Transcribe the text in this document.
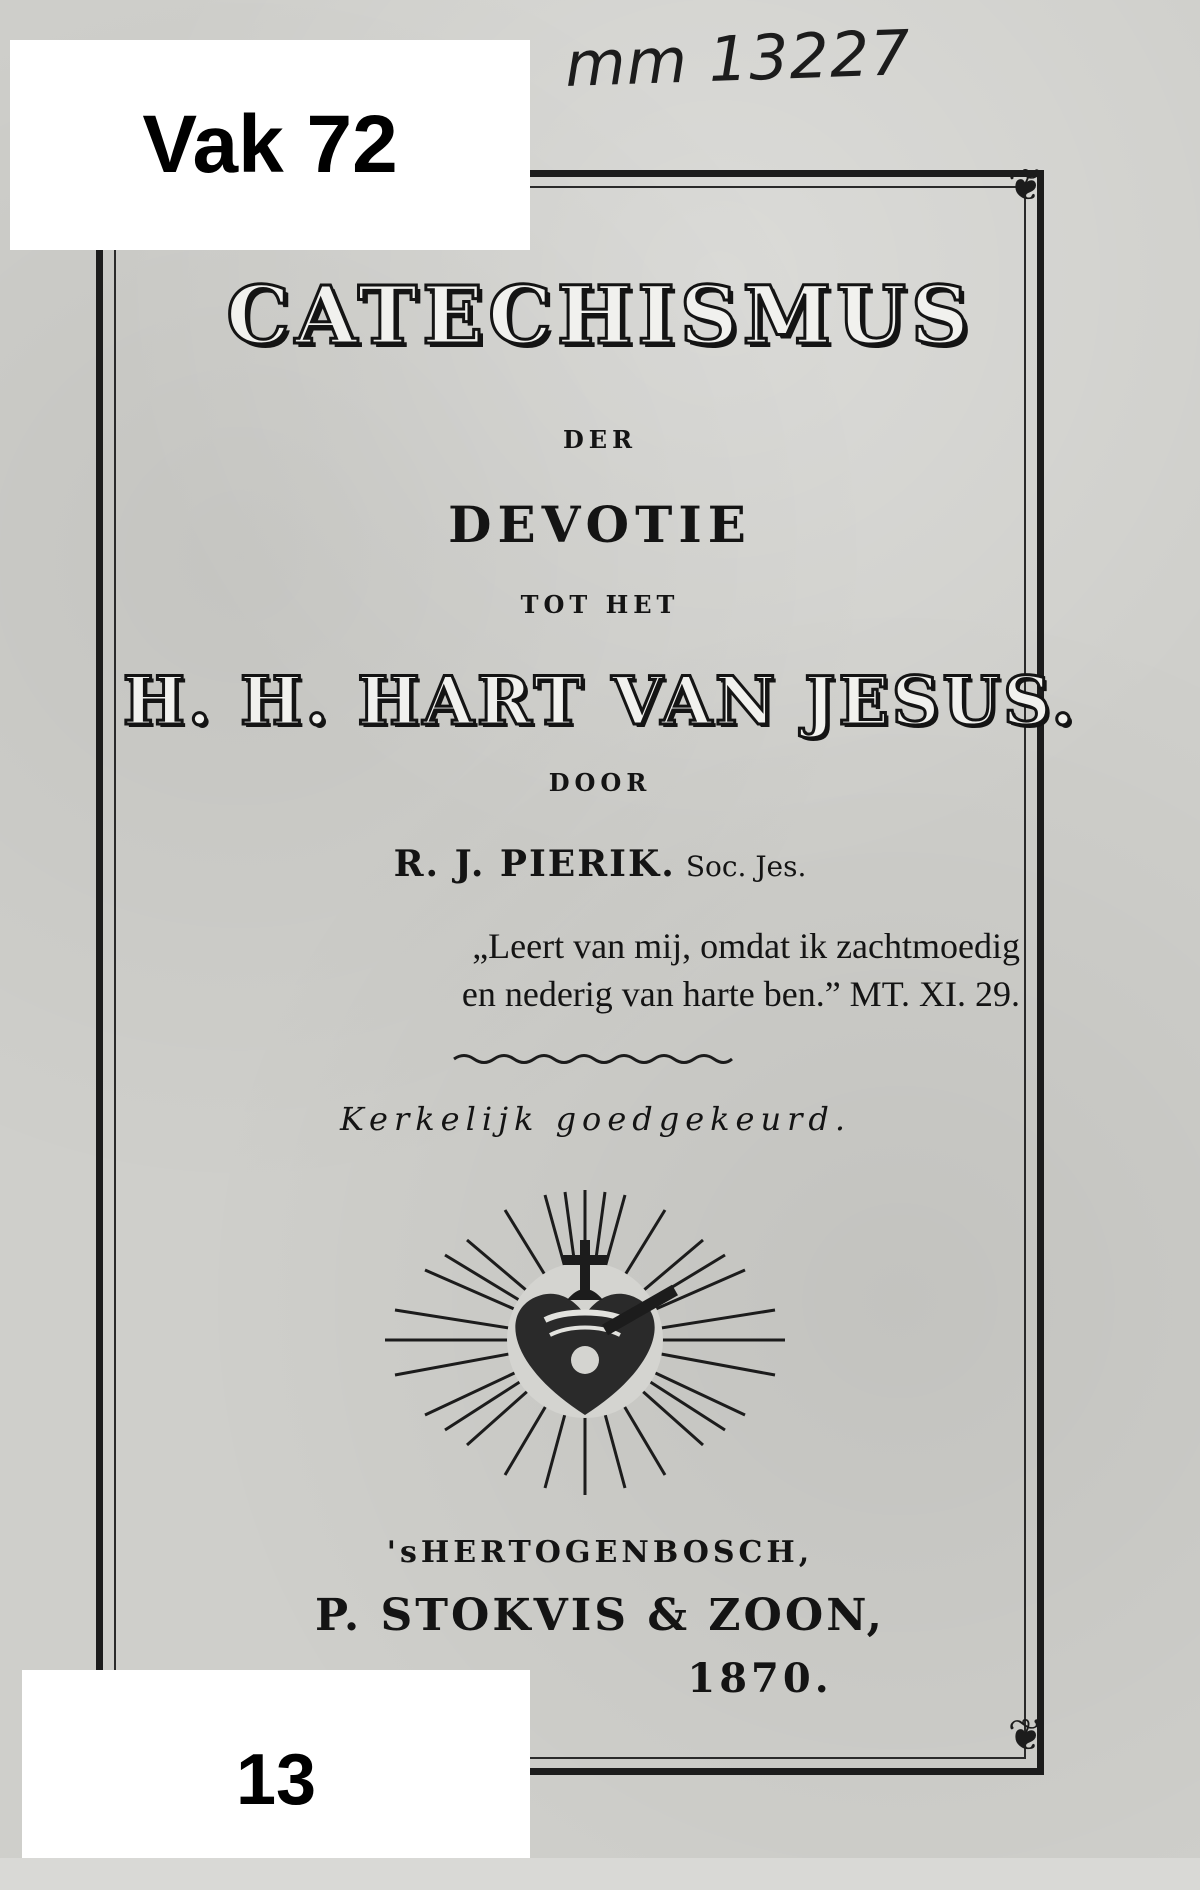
mm 13227
❦
❦
CATECHISMUS
DER
DEVOTIE
TOT HET
H. H. HART VAN JESUS.
DOOR
R. J. PIERIK. Soc. Jes.
„Leert van mij, omdat ik zachtmoedig
en nederig van harte ben.” MT. XI. 29.
Kerkelijk goedgekeurd.
'sHERTOGENBOSCH,
P. STOKVIS & ZOON,
1870.
Vak 72
13
